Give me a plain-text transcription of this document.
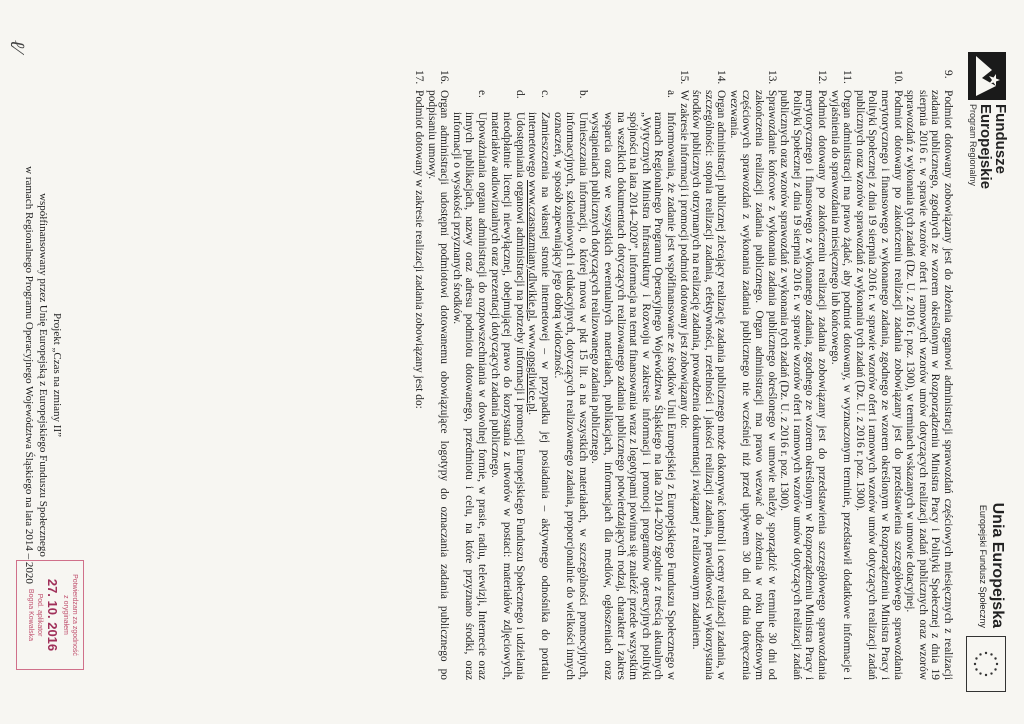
Fundusze
Europejskie
Program Regionalny
Unia Europejska
Europejski Fundusz Społeczny
9.
Podmiot dotowany zobowiązany jest do złożenia organowi administracji sprawozdań częściowych miesięcznych z realizacji zadania publicznego, zgodnych ze wzorem określonym w Rozporządzeniu Ministra Pracy i Polityki Społecznej z dnia 19 sierpnia 2016 r. w sprawie wzorów ofert i ramowych wzorów umów dotyczących realizacji zadań publicznych oraz wzorów sprawozdań z wykonania tych zadań (Dz. U. z 2016 r. poz. 1300), w terminach wskazanych w umowie dotacyjnej.
10.
Podmiot dotowany po zakończeniu realizacji zadania zobowiązany jest do przedstawienia szczegółowego sprawozdania merytorycznego i finansowego z wykonanego zadania, zgodnego ze wzorem określonym w Rozporządzeniu Ministra Pracy i Polityki Społecznej z dnia 19 sierpnia 2016 r. w sprawie wzorów ofert i ramowych wzorów umów dotyczących realizacji zadań publicznych oraz wzorów sprawozdań z wykonania tych zadań (Dz. U. z 2016 r. poz. 1300).
11.
Organ administracji ma prawo żądać, aby podmiot dotowany, w wyznaczonym terminie, przedstawił dodatkowe informacje i wyjaśnienia do sprawozdania miesięcznego lub końcowego.
12.
Podmiot dotowany po zakończeniu realizacji zadania zobowiązany jest do przedstawienia szczegółowego sprawozdania merytorycznego i finansowego z wykonanego zadania, zgodnego ze wzorem określonym w Rozporządzeniu Ministra Pracy i Polityki Społecznej z dnia 19 sierpnia 2016 r. w sprawie wzorów ofert i ramowych wzorów umów dotyczących realizacji zadań publicznych oraz wzorów sprawozdań z wykonania tych zadań (Dz. U. z 2016 r. poz. 1300).
13.
Sprawozdanie końcowe z wykonania zadania publicznego określonego w umowie należy sporządzić w terminie 30 dni od zakończenia realizacji zadania publicznego. Organ administracji ma prawo wezwać do złożenia w roku budżetowym częściowych sprawozdań z wykonania zadania publicznego nie wcześniej niż przed upływem 30 dni od dnia doręczenia wezwania.
14.
Organ administracji publicznej zlecający realizację zadania publicznego może dokonywać kontroli i oceny realizacji zadania, w szczególności: stopnia realizacji zadania, efektywności, rzetelności i jakości realizacji zadania, prawidłowości wykorzystania środków publicznych otrzymanych na realizację zadania, prowadzenia dokumentacji związanej z realizowanym zadaniem.
15.
W zakresie informacji i promocji podmiot dotowany jest zobowiązany do:
a.
Informowania, że zadanie jest współfinansowane ze środków Unii Europejskiej z Europejskiego Funduszu Społecznego w ramach Regionalnego Programu Operacyjnego Województwa Śląskiego na lata 2014–2020 zgodnie z treścią aktualnych „Wytycznych Ministra Infrastruktury i Rozwoju w zakresie informacji i promocji programów operacyjnych polityki spójności na lata 2014–2020”, informacja na temat finansowania wraz z logotypami powinna się znaleźć przede wszystkim na wszelkich dokumentach dotyczących realizowanego zadania publicznego potwierdzających rodzaj, charakter i zakres wsparcia oraz we wszystkich ewentualnych materiałach, publikacjach, informacjach dla mediów, ogłoszeniach oraz wystąpieniach publicznych dotyczących realizowanego zadania publicznego.
b.
Umieszczania informacji, o której mowa w pkt 15 lit. a na wszystkich materiałach, w szczególności promocyjnych, informacyjnych, szkoleniowych i edukacyjnych, dotyczących realizowanego zadania, proporcjonalnie do wielkości innych oznaczeń, w sposób zapewniający jego dobrą widoczność.
c.
Zamieszczenia na własnej stronie internetowej – w przypadku jej posiadania – aktywnego odnośnika do portalu internetowego www.czasnazmiany.dlwikie.pl, www.opsgliwice.pl.
d.
Udostępniania organowi administracji na potrzeby informacji i promocji Europejskiego Funduszu Społecznego i udzielania nieodpłatnie licencji niewyłącznej, obejmującej prawo do korzystania z utworów w postaci: materiałów zdjęciowych, materiałów audiowizualnych oraz prezentacji dotyczących zadania publicznego.
e.
Upoważniania organu administracji do rozpowszechniania w dowolnej formie, w prasie, radiu, telewizji, Internecie oraz innych publikacjach, nazwy oraz adresu podmiotu dotowanego, przedmiotu i celu, na które przyznano środki, oraz informacji o wysokości przyznanych środków.
16.
Organ administracji udostępni podmiotowi dotowanemu obowiązujące logotypy do oznaczania zadania publicznego po podpisaniu umowy.
17.
Podmiot dotowany w zakresie realizacji zadania zobowiązany jest do:
ℓ⁄
Projekt „Czas na zmiany II”
współfinansowany przez Unię Europejską z Europejskiego Funduszu Społecznego
w ramach Regionalnego Programu Operacyjnego Województwa Śląskiego na lata 2014 – 2020
Potwierdzam za zgodność
z oryginałem
27. 10. 2016
Pod. aplikator
Bogna Kowalska
